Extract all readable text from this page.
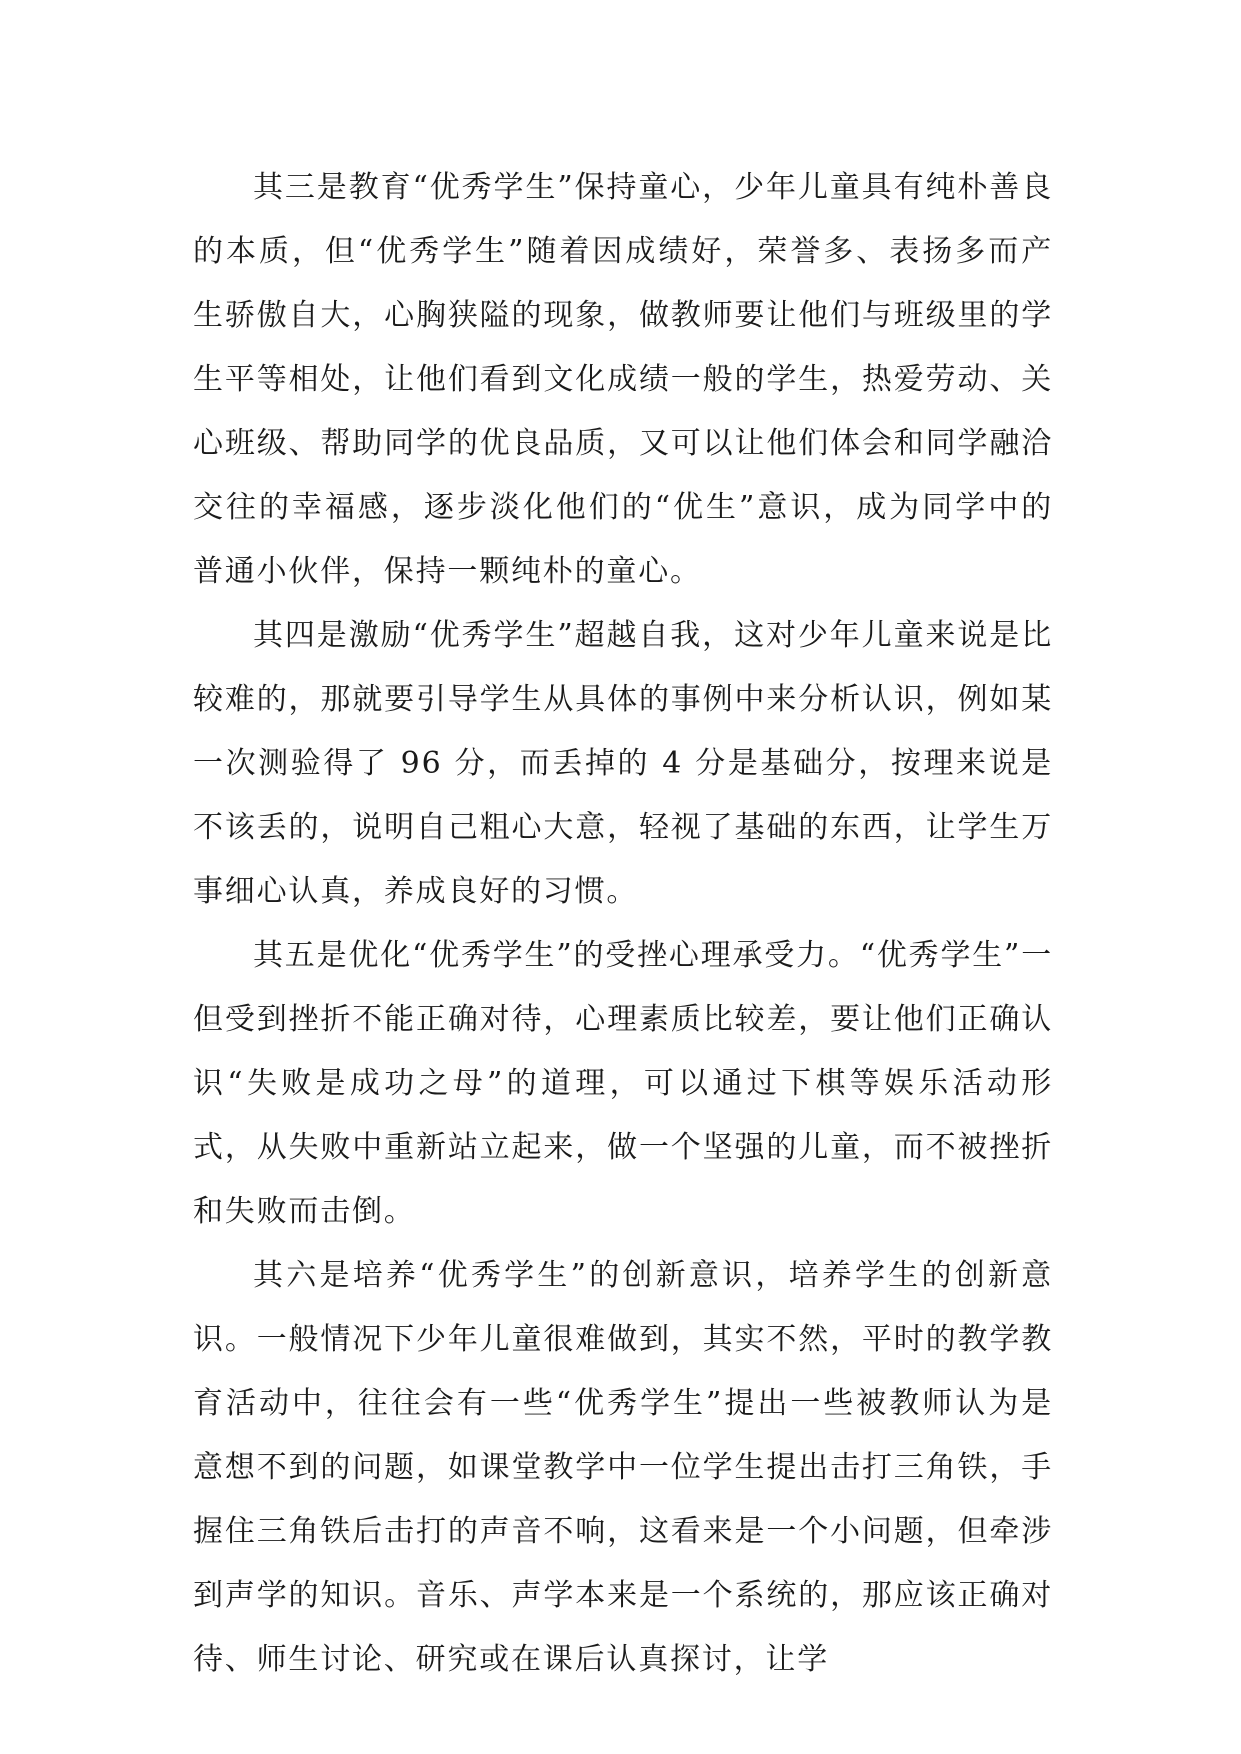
其三是教育“优秀学生”保持童心，少年儿童具有纯朴善良的本质，但“优秀学生”随着因成绩好，荣誉多、表扬多而产生骄傲自大，心胸狭隘的现象，做教师要让他们与班级里的学生平等相处，让他们看到文化成绩一般的学生，热爱劳动、关心班级、帮助同学的优良品质，又可以让他们体会和同学融洽交往的幸福感，逐步淡化他们的“优生”意识，成为同学中的普通小伙伴，保持一颗纯朴的童心。

其四是激励“优秀学生”超越自我，这对少年儿童来说是比较难的，那就要引导学生从具体的事例中来分析认识，例如某一次测验得了 96 分，而丢掉的 4 分是基础分，按理来说是不该丢的，说明自己粗心大意，轻视了基础的东西，让学生万事细心认真，养成良好的习惯。

其五是优化“优秀学生”的受挫心理承受力。“优秀学生”一但受到挫折不能正确对待，心理素质比较差，要让他们正确认识“失败是成功之母”的道理，可以通过下棋等娱乐活动形式，从失败中重新站立起来，做一个坚强的儿童，而不被挫折和失败而击倒。

其六是培养“优秀学生”的创新意识，培养学生的创新意识。一般情况下少年儿童很难做到，其实不然，平时的教学教育活动中，往往会有一些“优秀学生”提出一些被教师认为是意想不到的问题，如课堂教学中一位学生提出击打三角铁，手握住三角铁后击打的声音不响，这看来是一个小问题，但牵涉到声学的知识。音乐、声学本来是一个系统的，那应该正确对待、师生讨论、研究或在课后认真探讨，让学
